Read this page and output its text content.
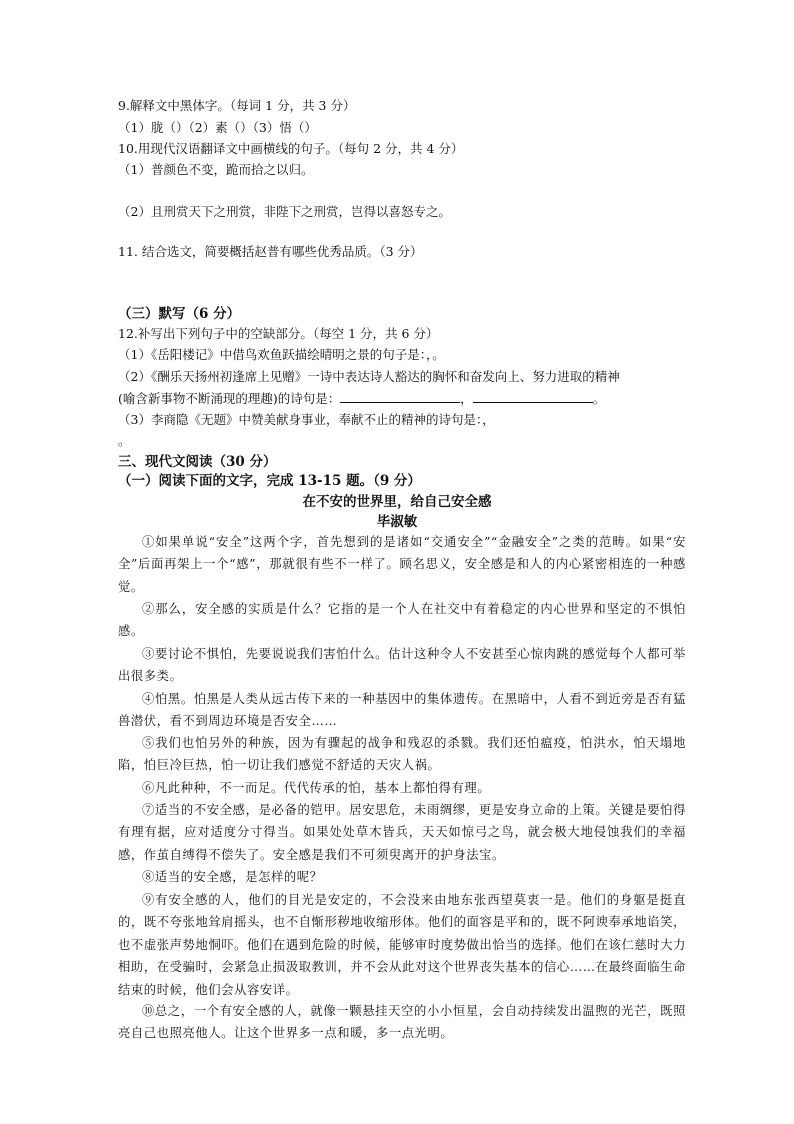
9.解释文中黑体字。（每词 1 分，共 3 分）
（1）胧（）（2）素（）（3）悟（）
10.用现代汉语翻译文中画横线的句子。（每句 2 分，共 4 分）
（1）普颜色不变，跪而拾之以归。
（2）且刑赏天下之刑赏，非陛下之刑赏，岂得以喜怒专之。
11. 结合选文，简要概括赵普有哪些优秀品质。（3 分）
（三）默写（6 分）
12.补写出下列句子中的空缺部分。（每空 1 分，共 6 分）
（1）《岳阳楼记》中借鸟欢鱼跃描绘晴明之景的句子是：，。
（2）《酬乐天扬州初逢席上见赠》一诗中表达诗人豁达的胸怀和奋发向上、努力进取的精神
(喻含新事物不断涌现的理趣)的诗句是：	，	。
（3）李商隐《无题》中赞美献身事业，奉献不止的精神的诗句是：，
。
三、现代文阅读（30 分）
（一）阅读下面的文字，完成 13-15 题。（9 分）
在不安的世界里，给自己安全感
毕淑敏
①如果单说“安全”这两个字，首先想到的是诸如“交通安全”“金融安全”之类的范畴。如果“安全”后面再架上一个“感”，那就很有些不一样了。顾名思义，安全感是和人的内心紧密相连的一种感觉。
②那么，安全感的实质是什么？它指的是一个人在社交中有着稳定的内心世界和坚定的不惧怕感。
③要讨论不惧怕，先要说说我们害怕什么。估计这种令人不安甚至心惊肉跳的感觉每个人都可举出很多类。
④怕黑。怕黑是人类从远古传下来的一种基因中的集体遗传。在黑暗中，人看不到近旁是否有猛兽潜伏，看不到周边环境是否安全……
⑤我们也怕另外的种族，因为有骤起的战争和残忍的杀戮。我们还怕瘟疫，怕洪水，怕天塌地陷，怕巨冷巨热，怕一切让我们感觉不舒适的天灾人祸。
⑥凡此种种，不一而足。代代传承的怕，基本上都怕得有理。
⑦适当的不安全感，是必备的铠甲。居安思危，未雨绸缪，更是安身立命的上策。关键是要怕得有理有据，应对适度分寸得当。如果处处草木皆兵，天天如惊弓之鸟，就会极大地侵蚀我们的幸福感，作茧自缚得不偿失了。安全感是我们不可须臾离开的护身法宝。
⑧适当的安全感，是怎样的呢？
⑨有安全感的人，他们的目光是安定的，不会没来由地东张西望莫衷一是。他们的身躯是挺直的，既不夸张地耸肩摇头，也不自惭形秽地收缩形体。他们的面容是平和的，既不阿谀奉承地谄笑，也不虚张声势地恫吓。他们在遇到危险的时候，能够审时度势做出恰当的选择。他们在该仁慈时大力相助，在受骗时，会紧急止损汲取教训，并不会从此对这个世界丧失基本的信心……在最终面临生命结束的时候，他们会从容安详。
⑩总之，一个有安全感的人，就像一颗悬挂天空的小小恒星，会自动持续发出温煦的光芒，既照亮自己也照亮他人。让这个世界多一点和暖，多一点光明。
